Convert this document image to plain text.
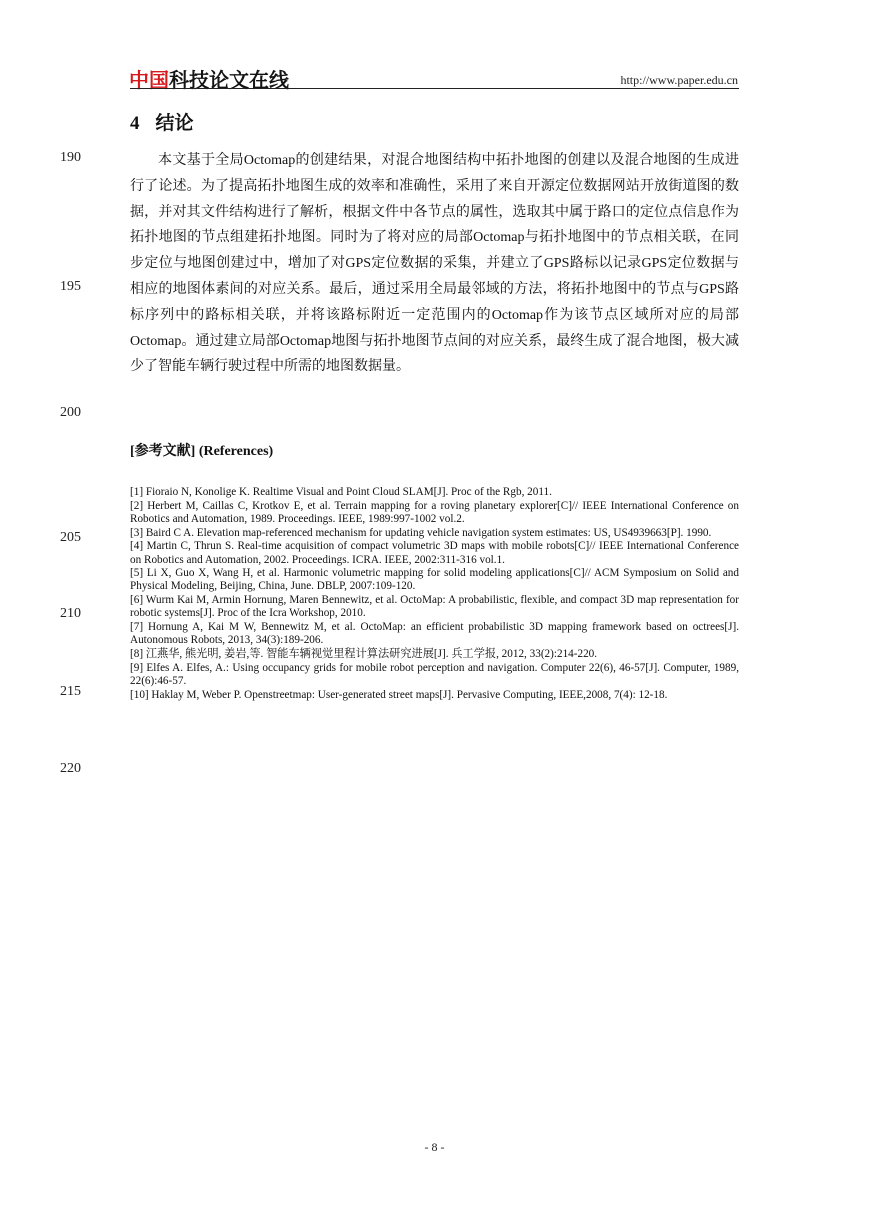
中国科技论文在线	http://www.paper.edu.cn
4 结论
190
195
200
205
210
215
220

本文基于全局Octomap的创建结果，对混合地图结构中拓扑地图的创建以及混合地图的生成进行了论述。为了提高拓扑地图生成的效率和准确性，采用了来自开源定位数据网站开放街道图的数据，并对其文件结构进行了解析，根据文件中各节点的属性，选取其中属于路口的定位点信息作为拓扑地图的节点组建拓扑地图。同时为了将对应的局部Octomap与拓扑地图中的节点相关联，在同步定位与地图创建过中，增加了对GPS定位数据的采集，并建立了GPS路标以记录GPS定位数据与相应的地图体素间的对应关系。最后，通过采用全局最邻域的方法，将拓扑地图中的节点与GPS路标序列中的路标相关联，并将该路标附近一定范围内的Octomap作为该节点区域所对应的局部Octomap。通过建立局部Octomap地图与拓扑地图节点间的对应关系，最终生成了混合地图，极大减少了智能车辆行驶过程中所需的地图数据量。

[参考文献] (References)
[1] Fioraio N, Konolige K. Realtime Visual and Point Cloud SLAM[J]. Proc of the Rgb, 2011.
[2] Herbert M, Caillas C, Krotkov E, et al. Terrain mapping for a roving planetary explorer[C]// IEEE International Conference on Robotics and Automation, 1989. Proceedings. IEEE, 1989:997-1002 vol.2.
[3] Baird C A. Elevation map-referenced mechanism for updating vehicle navigation system estimates: US, US4939663[P]. 1990.
[4] Martin C, Thrun S. Real-time acquisition of compact volumetric 3D maps with mobile robots[C]// IEEE International Conference on Robotics and Automation, 2002. Proceedings. ICRA. IEEE, 2002:311-316 vol.1.
[5] Li X, Guo X, Wang H, et al. Harmonic volumetric mapping for solid modeling applications[C]// ACM Symposium on Solid and Physical Modeling, Beijing, China, June. DBLP, 2007:109-120.
[6] Wurm Kai M, Armin Hornung, Maren Bennewitz, et al. OctoMap: A probabilistic, flexible, and compact 3D map representation for robotic systems[J]. Proc of the Icra Workshop, 2010.
[7] Hornung A, Kai M W, Bennewitz M, et al. OctoMap: an efficient probabilistic 3D mapping framework based on octrees[J]. Autonomous Robots, 2013, 34(3):189-206.
[8] 江燕华, 熊光明, 姜岩,等. 智能车辆视觉里程计算法研究进展[J]. 兵工学报, 2012, 33(2):214-220.
[9] Elfes A. Elfes, A.: Using occupancy grids for mobile robot perception and navigation. Computer 22(6), 46-57[J]. Computer, 1989, 22(6):46-57.
[10] Haklay M, Weber P. Openstreetmap: User-generated street maps[J]. Pervasive Computing, IEEE,2008, 7(4): 12-18.
- 8 -
